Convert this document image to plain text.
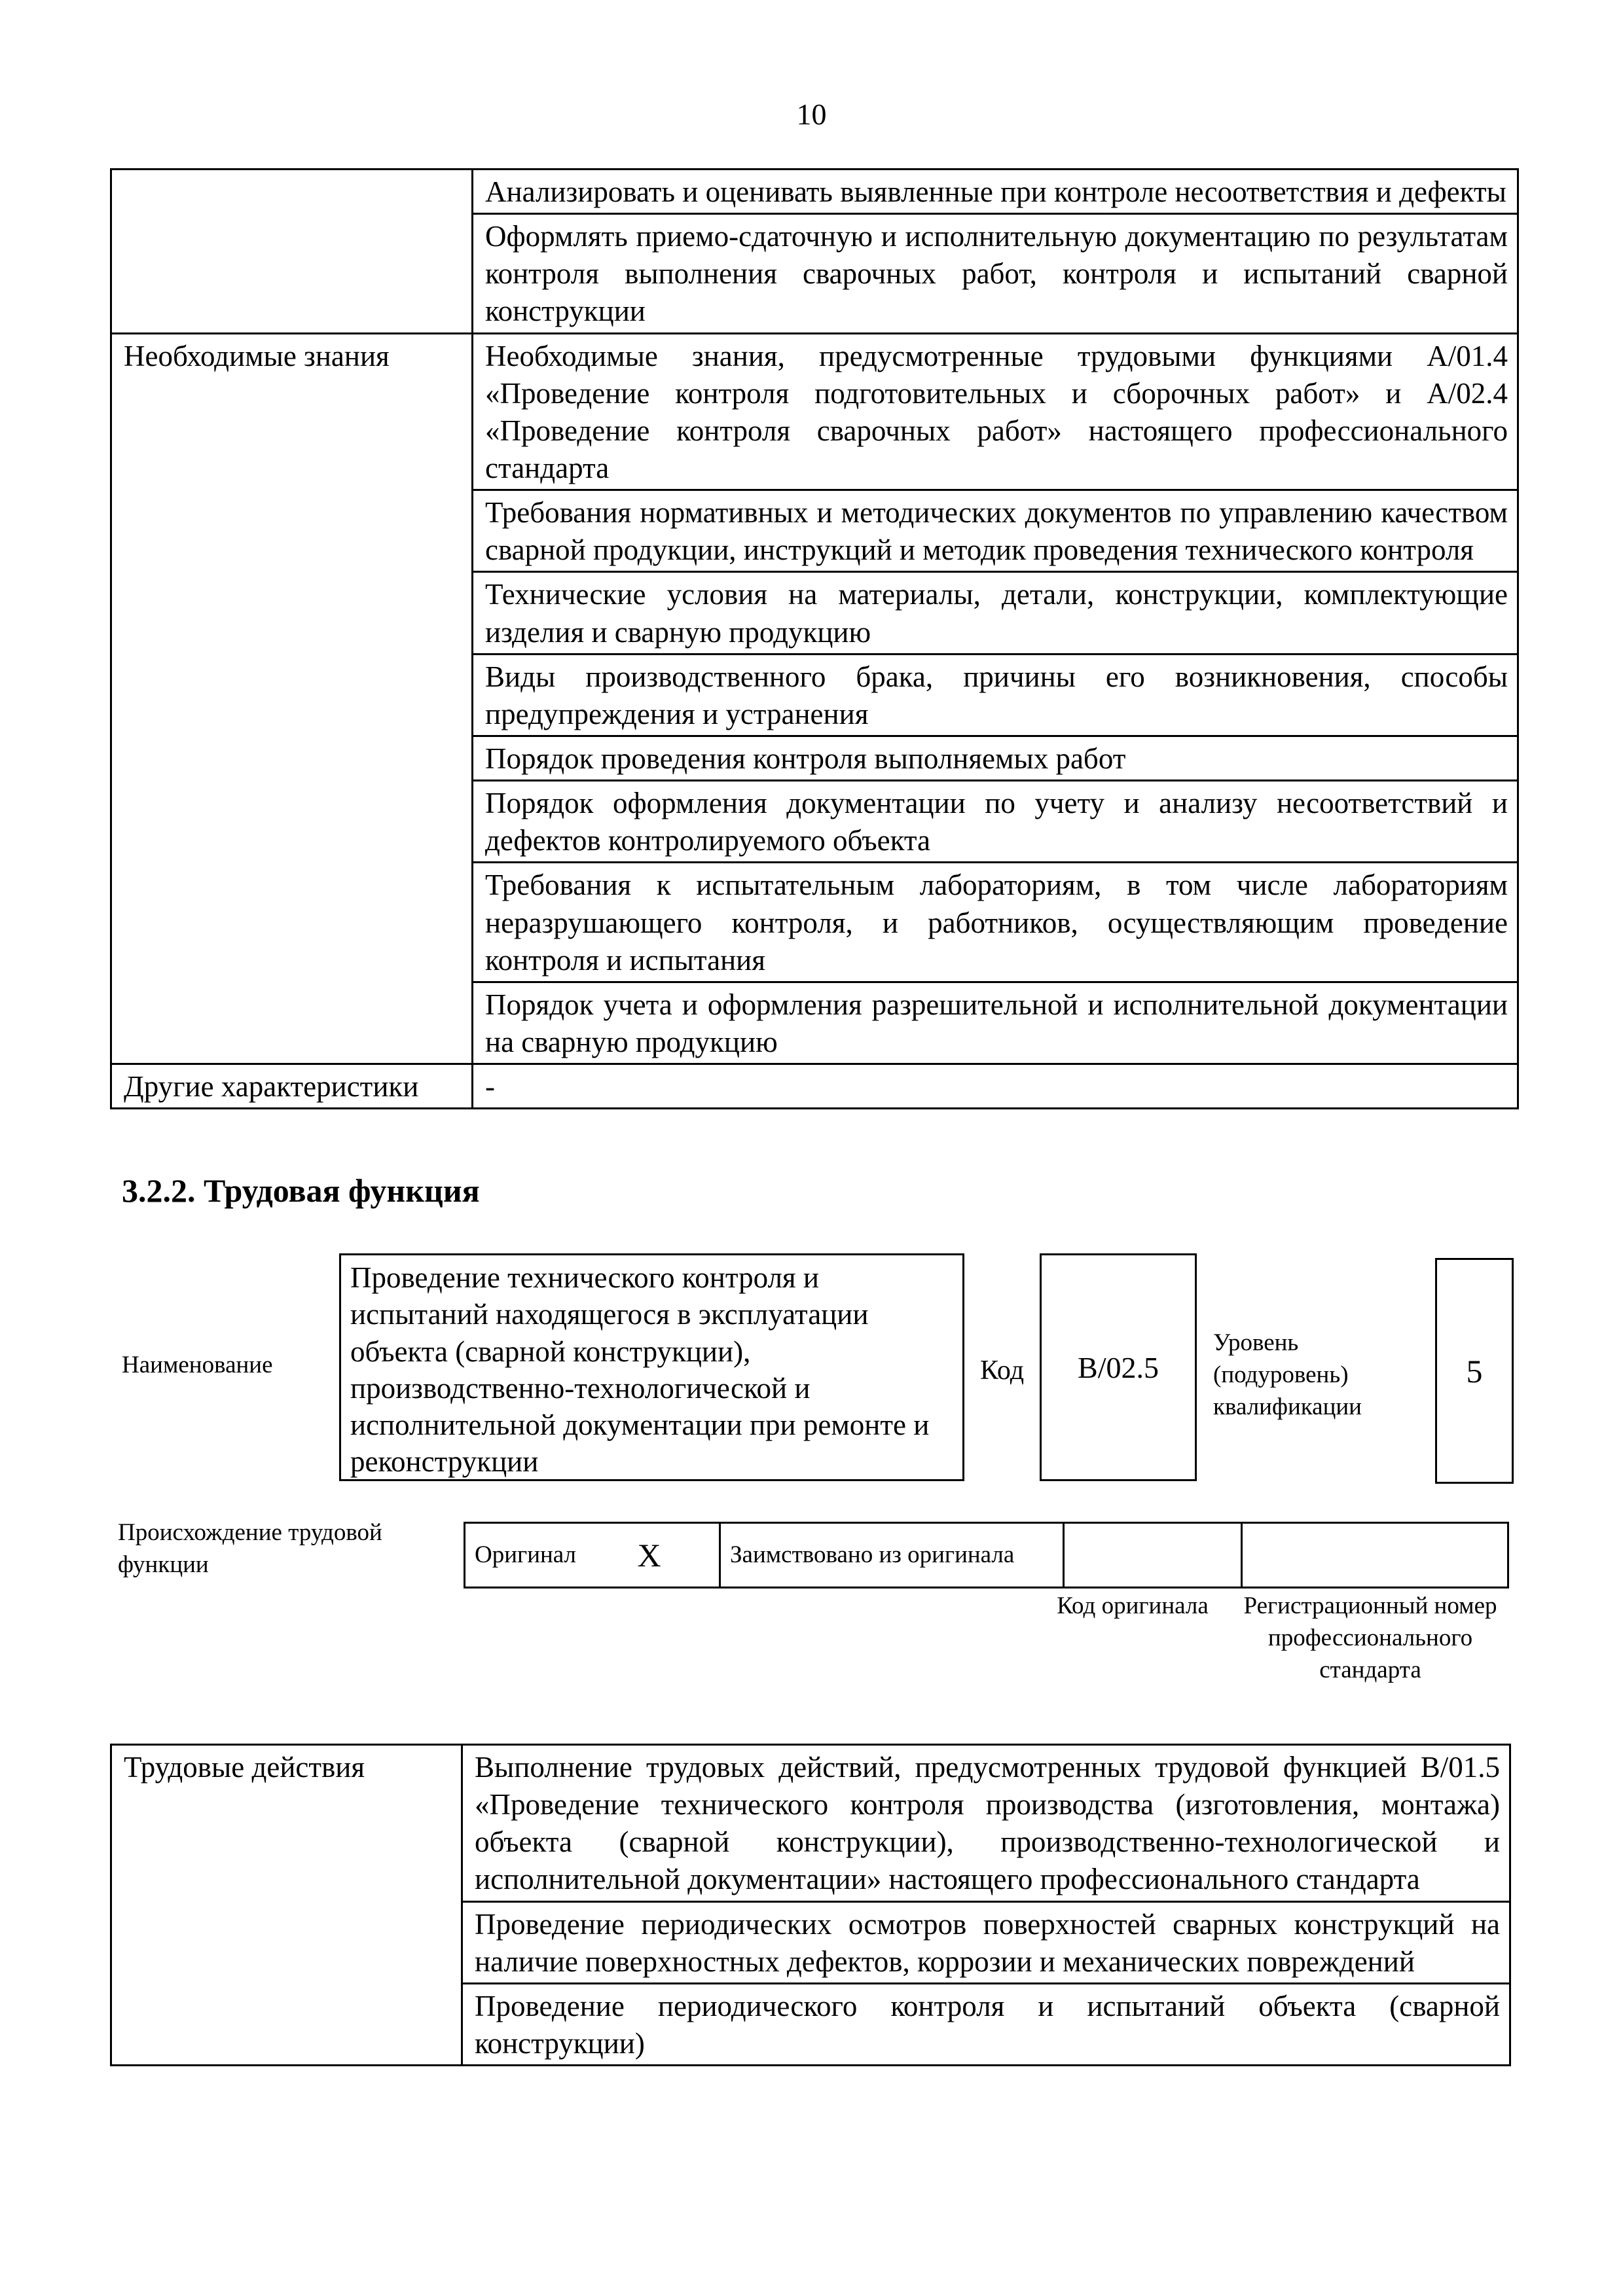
10
	Анализировать и оценивать выявленные при контроле несоответствия и дефекты
	Оформлять приемо-сдаточную и исполнительную документацию по результатам контроля выполнения сварочных работ, контроля и испытаний сварной конструкции
Необходимые знания	Необходимые знания, предусмотренные трудовыми функциями A/01.4 «Проведение контроля подготовительных и сборочных работ» и A/02.4 «Проведение контроля сварочных работ» настоящего профессионального стандарта
	Требования нормативных и методических документов по управлению качеством сварной продукции, инструкций и методик проведения технического контроля
	Технические условия на материалы, детали, конструкции, комплектующие изделия и сварную продукцию
	Виды производственного брака, причины его возникновения, способы предупреждения и устранения
	Порядок проведения контроля выполняемых работ
	Порядок оформления документации по учету и анализу несоответствий и дефектов контролируемого объекта
	Требования к испытательным лабораториям, в том числе лабораториям неразрушающего контроля, и работников, осуществляющим проведение контроля и испытания
	Порядок учета и оформления разрешительной и исполнительной документации на сварную продукцию
Другие характеристики	-
3.2.2. Трудовая функция
Наименование
Проведение технического контроля и испытаний находящегося в эксплуатации объекта (сварной конструкции), производственно-технологической и исполнительной документации при ремонте и реконструкции
Код	B/02.5
Уровень (подуровень) квалификации
5
Происхождение трудовой функции	Оригинал	X	Заимствовано из оригинала		
Код оригинала	Регистрационный номер профессионального стандарта
Трудовые действия	Выполнение трудовых действий, предусмотренных трудовой функцией B/01.5 «Проведение технического контроля производства (изготовления, монтажа) объекта (сварной конструкции), производственно-технологической и исполнительной документации» настоящего профессионального стандарта
Проведение периодических осмотров поверхностей сварных конструкций на наличие поверхностных дефектов, коррозии и механических повреждений
Проведение периодического контроля и испытаний объекта (сварной конструкции)
